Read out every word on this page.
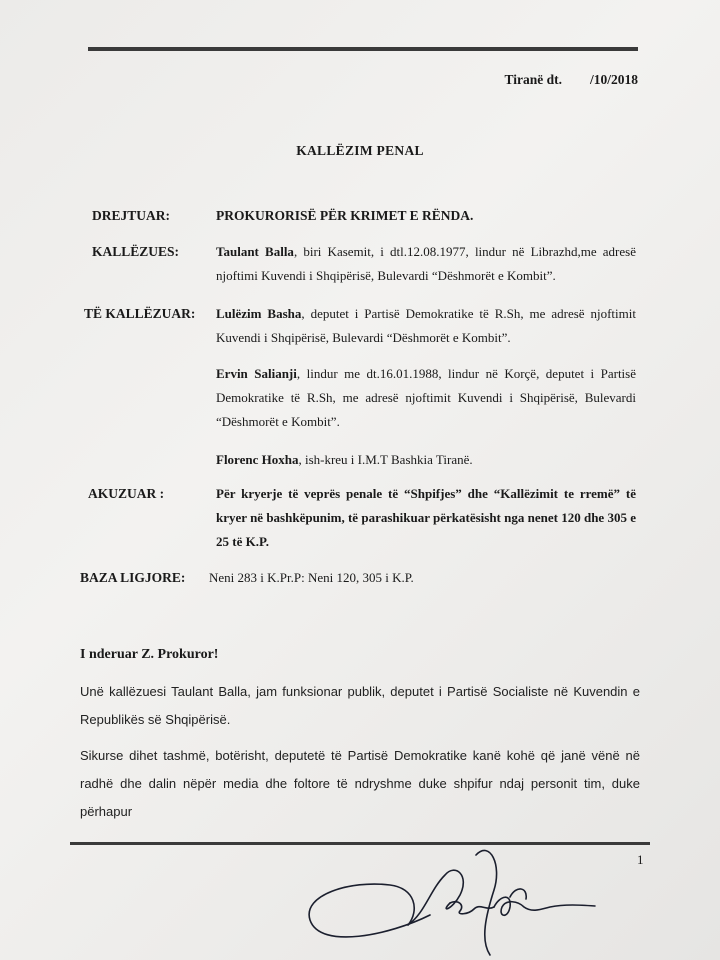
Tiranë dt. /10/2018
KALLËZIM PENAL
DREJTUAR:	PROKURORISË PËR KRIMET E RËNDA.
KALLËZUES:	Taulant Balla, biri Kasemit, i dtl.12.08.1977, lindur në Librazhd,me adresë njoftimi Kuvendi i Shqipërisë, Bulevardi “Dëshmorët e Kombit”.
TË KALLËZUAR: Lulëzim Basha, deputet i Partisë Demokratike të R.Sh, me adresë njoftimit Kuvendi i Shqipërisë, Bulevardi “Dëshmorët e Kombit”.
Ervin Salianji, lindur me dt.16.01.1988, lindur në Korçë, deputet i Partisë Demokratike të R.Sh, me adresë njoftimit Kuvendi i Shqipërisë, Bulevardi “Dëshmorët e Kombit”.
Florenc Hoxha, ish-kreu i I.M.T Bashkia Tiranë.
AKUZUAR :	Për kryerje të veprës penale të “Shpifjes” dhe “Kallëzimit te rremë” të kryer në bashkëpunim, të parashikuar përkatësisht nga nenet 120 dhe 305 e 25 të K.P.
BAZA LIGJORE: Neni 283 i K.Pr.P: Neni 120, 305 i K.P.
I nderuar Z. Prokuror!
Unë kallëzuesi Taulant Balla, jam funksionar publik, deputet i Partisë Socialiste në Kuvendin e Republikës së Shqipërisë.
Sikurse dihet tashmë, botërisht, deputetë të Partisë Demokratike kanë kohë që janë vënë në radhë dhe dalin nëpër media dhe foltore të ndryshme duke shpifur ndaj personit tim, duke përhapur
1
